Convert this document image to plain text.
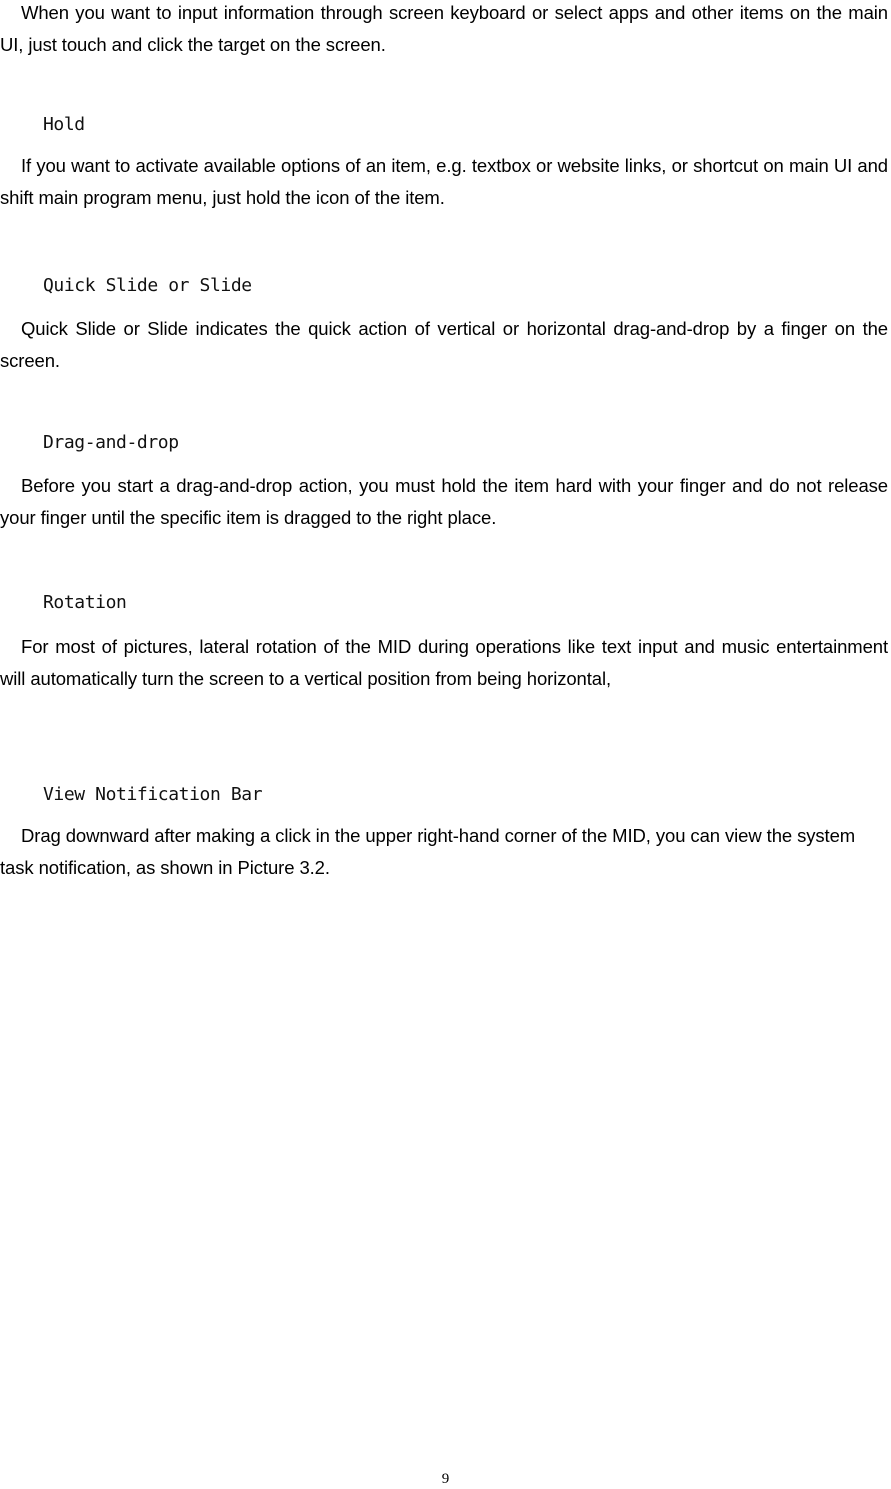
When you want to input information through screen keyboard or select apps and other items on the main UI, just touch and click the target on the screen.

Hold

If you want to activate available options of an item, e.g. textbox or website links, or shortcut on main UI and shift main program menu, just hold the icon of the item.

Quick Slide or Slide

Quick Slide or Slide indicates the quick action of vertical or horizontal drag-and-drop by a finger on the screen.

Drag-and-drop

Before you start a drag-and-drop action, you must hold the item hard with your finger and do not release your finger until the specific item is dragged to the right place.

Rotation

For most of pictures, lateral rotation of the MID during operations like text input and music entertainment will automatically turn the screen to a vertical position from being horizontal,

View Notification Bar

Drag downward after making a click in the upper right-hand corner of the MID, you can view the system task notification, as shown in Picture 3.2.

9
